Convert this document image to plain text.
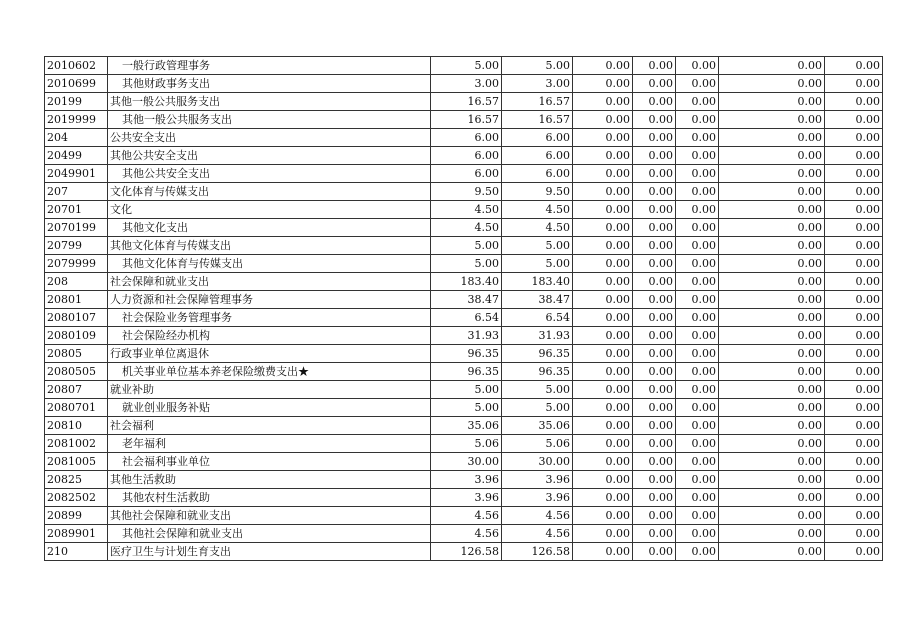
2010602	一般行政管理事务	5.00	5.00	0.00	0.00	0.00	0.00	0.00
2010699	其他财政事务支出	3.00	3.00	0.00	0.00	0.00	0.00	0.00
20199	其他一般公共服务支出	16.57	16.57	0.00	0.00	0.00	0.00	0.00
2019999	其他一般公共服务支出	16.57	16.57	0.00	0.00	0.00	0.00	0.00
204	公共安全支出	6.00	6.00	0.00	0.00	0.00	0.00	0.00
20499	其他公共安全支出	6.00	6.00	0.00	0.00	0.00	0.00	0.00
2049901	其他公共安全支出	6.00	6.00	0.00	0.00	0.00	0.00	0.00
207	文化体育与传媒支出	9.50	9.50	0.00	0.00	0.00	0.00	0.00
20701	文化	4.50	4.50	0.00	0.00	0.00	0.00	0.00
2070199	其他文化支出	4.50	4.50	0.00	0.00	0.00	0.00	0.00
20799	其他文化体育与传媒支出	5.00	5.00	0.00	0.00	0.00	0.00	0.00
2079999	其他文化体育与传媒支出	5.00	5.00	0.00	0.00	0.00	0.00	0.00
208	社会保障和就业支出	183.40	183.40	0.00	0.00	0.00	0.00	0.00
20801	人力资源和社会保障管理事务	38.47	38.47	0.00	0.00	0.00	0.00	0.00
2080107	社会保险业务管理事务	6.54	6.54	0.00	0.00	0.00	0.00	0.00
2080109	社会保险经办机构	31.93	31.93	0.00	0.00	0.00	0.00	0.00
20805	行政事业单位离退休	96.35	96.35	0.00	0.00	0.00	0.00	0.00
2080505	机关事业单位基本养老保险缴费支出★	96.35	96.35	0.00	0.00	0.00	0.00	0.00
20807	就业补助	5.00	5.00	0.00	0.00	0.00	0.00	0.00
2080701	就业创业服务补贴	5.00	5.00	0.00	0.00	0.00	0.00	0.00
20810	社会福利	35.06	35.06	0.00	0.00	0.00	0.00	0.00
2081002	老年福利	5.06	5.06	0.00	0.00	0.00	0.00	0.00
2081005	社会福利事业单位	30.00	30.00	0.00	0.00	0.00	0.00	0.00
20825	其他生活救助	3.96	3.96	0.00	0.00	0.00	0.00	0.00
2082502	其他农村生活救助	3.96	3.96	0.00	0.00	0.00	0.00	0.00
20899	其他社会保障和就业支出	4.56	4.56	0.00	0.00	0.00	0.00	0.00
2089901	其他社会保障和就业支出	4.56	4.56	0.00	0.00	0.00	0.00	0.00
210	医疗卫生与计划生育支出	126.58	126.58	0.00	0.00	0.00	0.00	0.00
